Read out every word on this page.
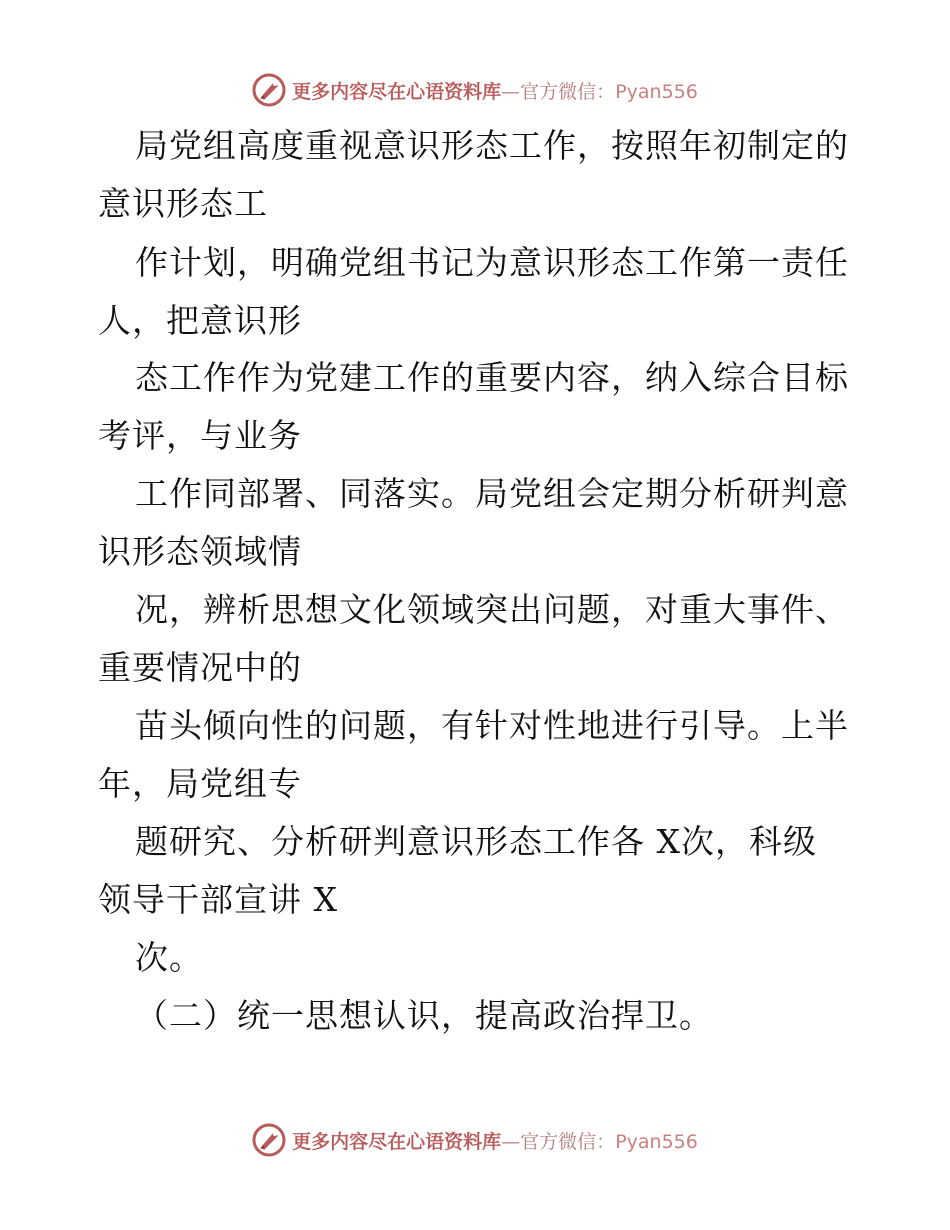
更多内容尽在心语资料库—官方微信：Pyan556
局党组高度重视意识形态工作，按照年初制定的
意识形态工
作计划，明确党组书记为意识形态工作第一责任
人，把意识形
态工作作为党建工作的重要内容，纳入综合目标
考评，与业务
工作同部署、同落实。局党组会定期分析研判意
识形态领域情
况，辨析思想文化领域突出问题，对重大事件、
重要情况中的
苗头倾向性的问题，有针对性地进行引导。上半
年，局党组专
题研究、分析研判意识形态工作各 X次，科级
领导干部宣讲 X
次。
（二）统一思想认识，提高政治捍卫。
更多内容尽在心语资料库—官方微信：Pyan556
